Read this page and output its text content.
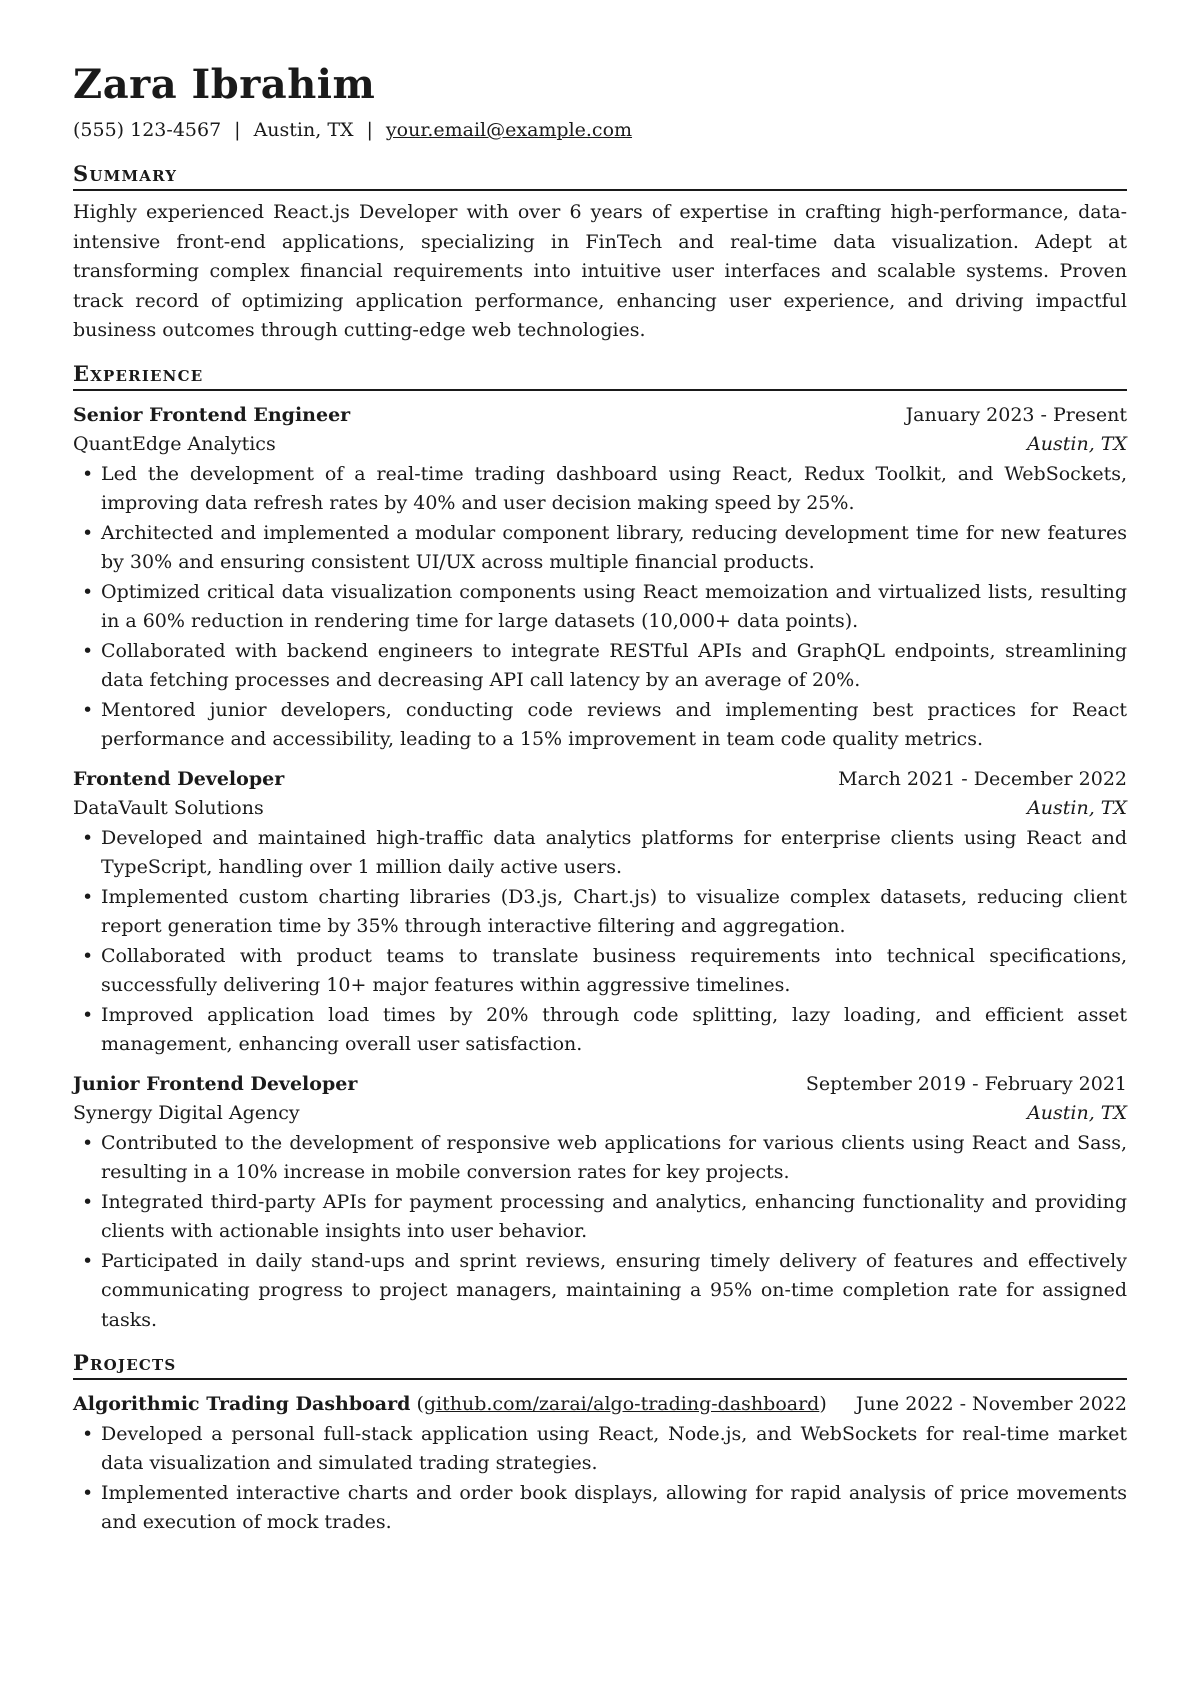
Zara Ibrahim
(555) 123-4567 | Austin, TX | your.email@example.com
Summary
Highly experienced React.js Developer with over 6 years of expertise in crafting high-performance, data-intensive front-end applications, specializing in FinTech and real-time data visualization. Adept at transforming complex financial requirements into intuitive user interfaces and scalable systems. Proven track record of optimizing application performance, enhancing user experience, and driving impactful business outcomes through cutting-edge web technologies.
Experience
Senior Frontend Engineer	January 2023 - Present
QuantEdge Analytics	Austin, TX
• Led the development of a real-time trading dashboard using React, Redux Toolkit, and WebSockets, improving data refresh rates by 40% and user decision making speed by 25%.
• Architected and implemented a modular component library, reducing development time for new features by 30% and ensuring consistent UI/UX across multiple financial products.
• Optimized critical data visualization components using React memoization and virtualized lists, resulting in a 60% reduction in rendering time for large datasets (10,000+ data points).
• Collaborated with backend engineers to integrate RESTful APIs and GraphQL endpoints, streamlining data fetching processes and decreasing API call latency by an average of 20%.
• Mentored junior developers, conducting code reviews and implementing best practices for React performance and accessibility, leading to a 15% improvement in team code quality metrics.
Frontend Developer	March 2021 - December 2022
DataVault Solutions	Austin, TX
• Developed and maintained high-traffic data analytics platforms for enterprise clients using React and TypeScript, handling over 1 million daily active users.
• Implemented custom charting libraries (D3.js, Chart.js) to visualize complex datasets, reducing client report generation time by 35% through interactive filtering and aggregation.
• Collaborated with product teams to translate business requirements into technical specifications, successfully delivering 10+ major features within aggressive timelines.
• Improved application load times by 20% through code splitting, lazy loading, and efficient asset management, enhancing overall user satisfaction.
Junior Frontend Developer	September 2019 - February 2021
Synergy Digital Agency	Austin, TX
• Contributed to the development of responsive web applications for various clients using React and Sass, resulting in a 10% increase in mobile conversion rates for key projects.
• Integrated third-party APIs for payment processing and analytics, enhancing functionality and providing clients with actionable insights into user behavior.
• Participated in daily stand-ups and sprint reviews, ensuring timely delivery of features and effectively communicating progress to project managers, maintaining a 95% on-time completion rate for assigned tasks.
Projects
Algorithmic Trading Dashboard (github.com/zarai/algo-trading-dashboard) June 2022 - November 2022
• Developed a personal full-stack application using React, Node.js, and WebSockets for real-time market data visualization and simulated trading strategies.
• Implemented interactive charts and order book displays, allowing for rapid analysis of price movements and execution of mock trades.
